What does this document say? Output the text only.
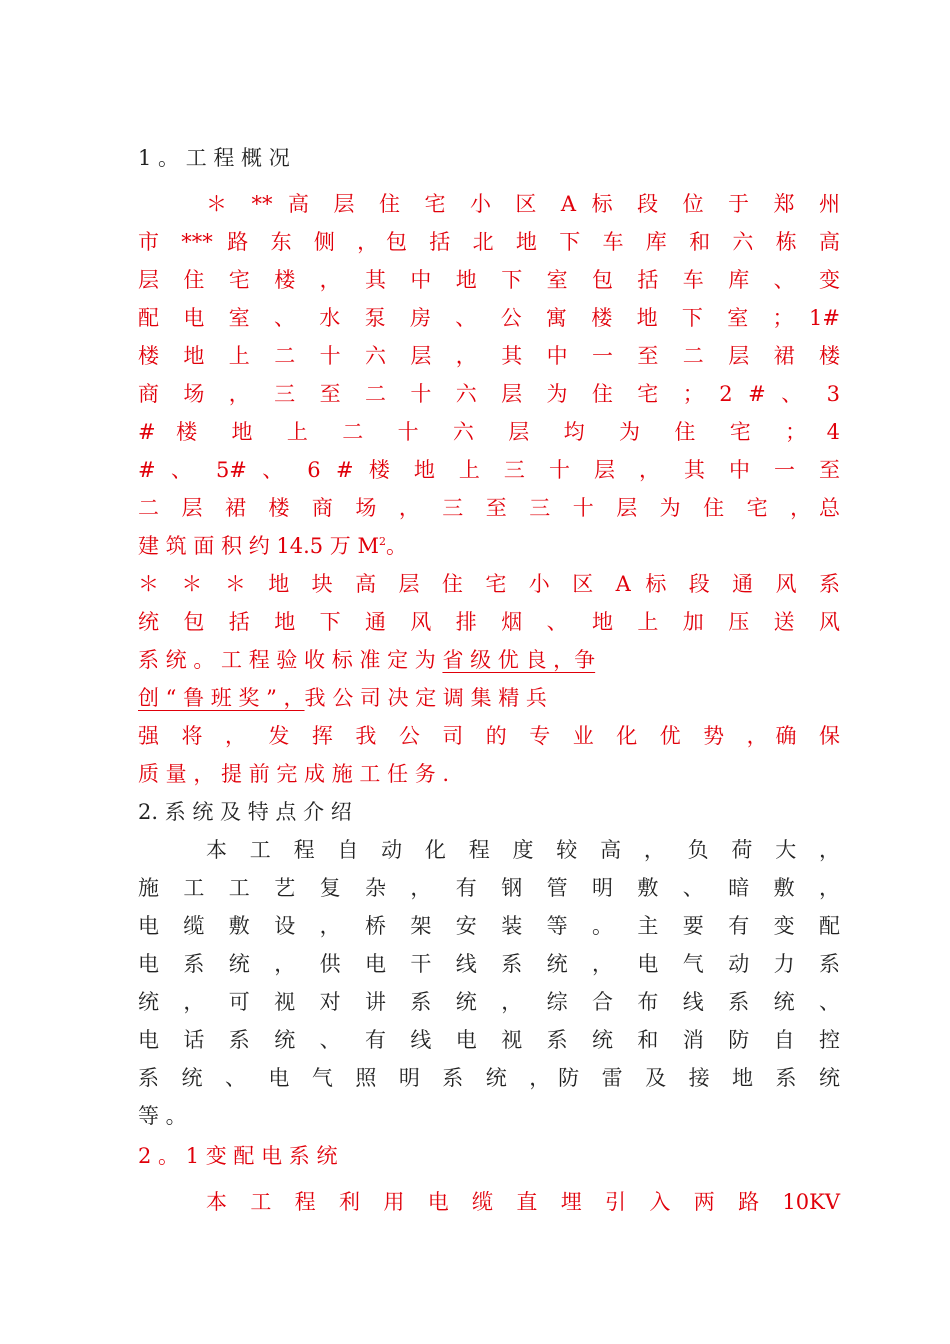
1 。 工 程 概 况
＊ ** 高 层 住 宅 小 区 A 标 段 位 于 郑 州
市 *** 路 东 侧 ，包 括 北 地 下 车 库 和 六 栋 高
层 住 宅 楼 ， 其 中 地 下 室 包 括 车 库 、 变
配 电 室 、 水 泵 房 、 公 寓 楼 地 下 室 ； 1#
楼 地 上 二 十 六 层 ， 其 中 一 至 二 层 裙 楼
商 场 ， 三 至 二 十 六 层 为 住 宅 ； 2 # 、 3
# 楼 地 上 二 十 六 层 均 为 住 宅 ； 4
# 、 5# 、 6 # 楼 地 上 三 十 层 ， 其 中 一 至
二 层 裙 楼 商 场 ， 三 至 三 十 层 为 住 宅 ，总
建 筑 面 积 约 14.5 万 $M^2$。
＊ ＊ ＊ 地 块 高 层 住 宅 小 区 A 标 段 通 风 系
统 包 括 地 下 通 风 排 烟 、 地 上 加 压 送 风
系 统 。 工 程 验 收 标 准 定 为 省 级 优 良 ，争
创 “ 鲁 班 奖 ” ，我 公 司 决 定 调 集 精 兵
强 将 ， 发 挥 我 公 司 的 专 业 化 优 势 ，确 保
质 量 ， 提 前 完 成 施 工 任 务 .
2. 系 统 及 特 点 介 绍
本 工 程 自 动 化 程 度 较 高 ， 负 荷 大 ，
施 工 工 艺 复 杂 ， 有 钢 管 明 敷 、 暗 敷 ，
电 缆 敷 设 ， 桥 架 安 装 等 。 主 要 有 变 配
电 系 统 ， 供 电 干 线 系 统 ， 电 气 动 力 系
统 ， 可 视 对 讲 系 统 ， 综 合 布 线 系 统 、
电 话 系 统 、 有 线 电 视 系 统 和 消 防 自 控
系 统 、 电 气 照 明 系 统 ，防 雷 及 接 地 系 统
等 。
2 。 1 变 配 电 系 统
本 工 程 利 用 电 缆 直 埋 引 入 两 路 10KV
